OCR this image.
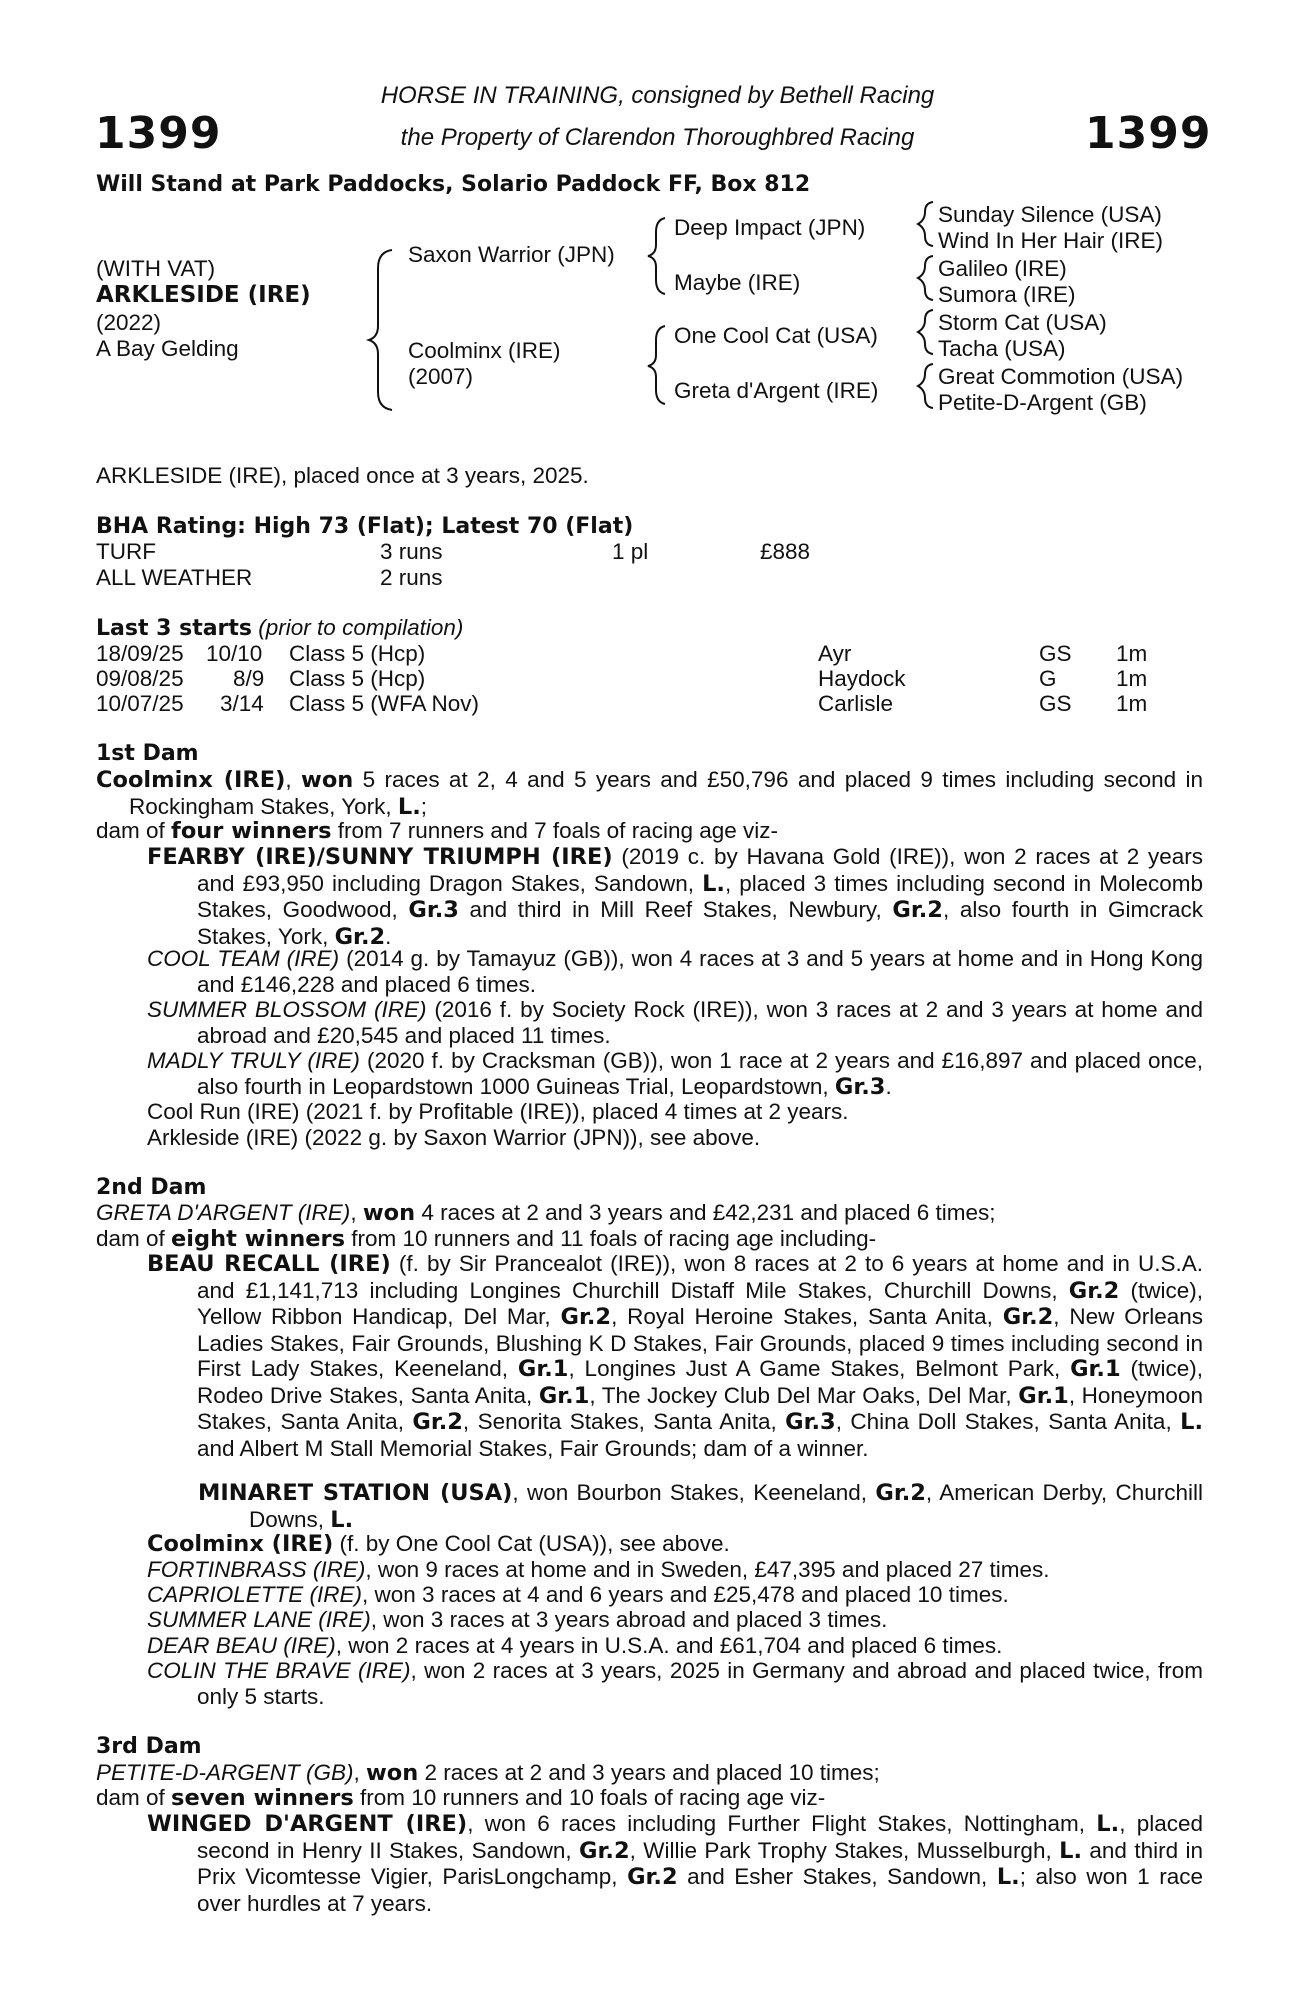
1399	1399
HORSE IN TRAINING, consigned by Bethell Racing
the Property of Clarendon Thoroughbred Racing
Will Stand at Park Paddocks, Solario Paddock FF, Box 812
(WITH VAT)
ARKLESIDE (IRE)
(2022)
A Bay Gelding
Saxon Warrior (JPN)
Coolminx (IRE)
(2007)
Deep Impact (JPN)
Maybe (IRE)
One Cool Cat (USA)
Greta d'Argent (IRE)
Sunday Silence (USA)
Wind In Her Hair (IRE)
Galileo (IRE)
Sumora (IRE)
Storm Cat (USA)
Tacha (USA)
Great Commotion (USA)
Petite-D-Argent (GB)
ARKLESIDE (IRE), placed once at 3 years, 2025.
BHA Rating: High 73 (Flat); Latest 70 (Flat)
TURF	3 runs	1 pl	£888
ALL WEATHER	2 runs
Last 3 starts (prior to compilation)
18/09/25 10/10 Class 5 (Hcp)	Ayr	GS 1m
09/08/25 8/9 Class 5 (Hcp)	Haydock	G	1m
10/07/25 3/14 Class 5 (WFA Nov)	Carlisle	GS 1m
1st Dam
Coolminx (IRE), won 5 races at 2, 4 and 5 years and £50,796 and placed 9 times including second in Rockingham Stakes, York, L.;
dam of four winners from 7 runners and 7 foals of racing age viz-
FEARBY (IRE)/SUNNY TRIUMPH (IRE) (2019 c. by Havana Gold (IRE)), won 2 races at 2 years and £93,950 including Dragon Stakes, Sandown, L., placed 3 times including second in Molecomb Stakes, Goodwood, Gr.3 and third in Mill Reef Stakes, Newbury, Gr.2, also fourth in Gimcrack Stakes, York, Gr.2.
COOL TEAM (IRE) (2014 g. by Tamayuz (GB)), won 4 races at 3 and 5 years at home and in Hong Kong and £146,228 and placed 6 times.
SUMMER BLOSSOM (IRE) (2016 f. by Society Rock (IRE)), won 3 races at 2 and 3 years at home and abroad and £20,545 and placed 11 times.
MADLY TRULY (IRE) (2020 f. by Cracksman (GB)), won 1 race at 2 years and £16,897 and placed once, also fourth in Leopardstown 1000 Guineas Trial, Leopardstown, Gr.3.
Cool Run (IRE) (2021 f. by Profitable (IRE)), placed 4 times at 2 years.
Arkleside (IRE) (2022 g. by Saxon Warrior (JPN)), see above.
2nd Dam
GRETA D'ARGENT (IRE), won 4 races at 2 and 3 years and £42,231 and placed 6 times;
dam of eight winners from 10 runners and 11 foals of racing age including-
BEAU RECALL (IRE) (f. by Sir Prancealot (IRE)), won 8 races at 2 to 6 years at home and in U.S.A. and £1,141,713 including Longines Churchill Distaff Mile Stakes, Churchill Downs, Gr.2 (twice), Yellow Ribbon Handicap, Del Mar, Gr.2, Royal Heroine Stakes, Santa Anita, Gr.2, New Orleans Ladies Stakes, Fair Grounds, Blushing K D Stakes, Fair Grounds, placed 9 times including second in First Lady Stakes, Keeneland, Gr.1, Longines Just A Game Stakes, Belmont Park, Gr.1 (twice), Rodeo Drive Stakes, Santa Anita, Gr.1, The Jockey Club Del Mar Oaks, Del Mar, Gr.1, Honeymoon Stakes, Santa Anita, Gr.2, Senorita Stakes, Santa Anita, Gr.3, China Doll Stakes, Santa Anita, L. and Albert M Stall Memorial Stakes, Fair Grounds; dam of a winner.
MINARET STATION (USA), won Bourbon Stakes, Keeneland, Gr.2, American Derby, Churchill Downs, L.
Coolminx (IRE) (f. by One Cool Cat (USA)), see above.
FORTINBRASS (IRE), won 9 races at home and in Sweden, £47,395 and placed 27 times.
CAPRIOLETTE (IRE), won 3 races at 4 and 6 years and £25,478 and placed 10 times.
SUMMER LANE (IRE), won 3 races at 3 years abroad and placed 3 times.
DEAR BEAU (IRE), won 2 races at 4 years in U.S.A. and £61,704 and placed 6 times.
COLIN THE BRAVE (IRE), won 2 races at 3 years, 2025 in Germany and abroad and placed twice, from only 5 starts.
3rd Dam
PETITE-D-ARGENT (GB), won 2 races at 2 and 3 years and placed 10 times;
dam of seven winners from 10 runners and 10 foals of racing age viz-
WINGED D'ARGENT (IRE), won 6 races including Further Flight Stakes, Nottingham, L., placed second in Henry II Stakes, Sandown, Gr.2, Willie Park Trophy Stakes, Musselburgh, L. and third in Prix Vicomtesse Vigier, ParisLongchamp, Gr.2 and Esher Stakes, Sandown, L.; also won 1 race over hurdles at 7 years.
